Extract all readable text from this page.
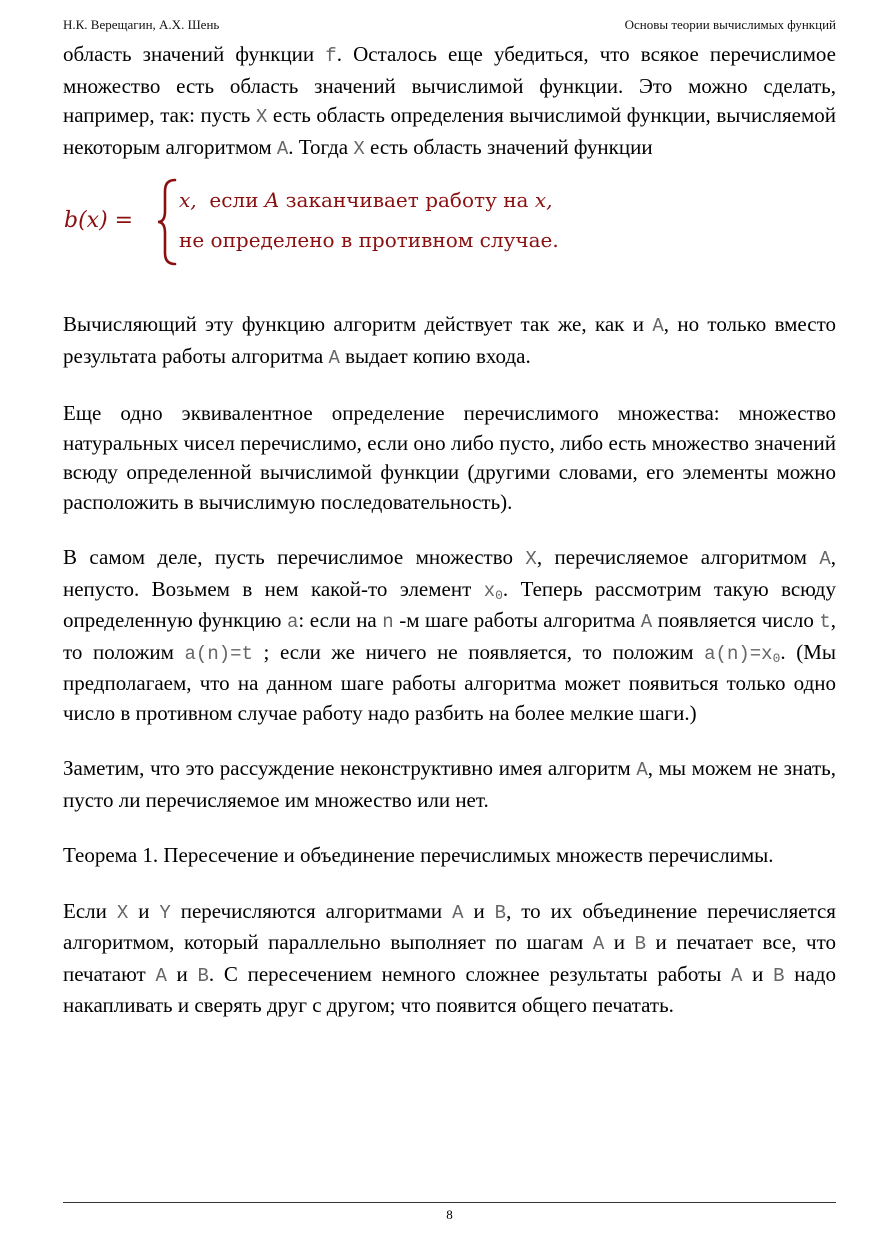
Н.К. Верещагин, А.Х. Шень	Основы теории вычислимых функций

область значений функции f. Осталось еще убедиться, что всякое перечислимое множество есть область значений вычислимой функции. Это можно сделать, например, так: пусть X есть область определения вычислимой функции, вычисляемой некоторым алгоритмом A. Тогда X есть область значений функции

b(x) =
x, если A заканчивает работу на x,
не определено в противном случае.

Вычисляющий эту функцию алгоритм действует так же, как и A, но только вместо результата работы алгоритма A выдает копию входа.

Еще одно эквивалентное определение перечислимого множества: множество натуральных чисел перечислимо, если оно либо пусто, либо есть множество значений всюду определенной вычислимой функции (другими словами, его элементы можно расположить в вычислимую последовательность).

В самом деле, пусть перечислимое множество X, перечисляемое алгоритмом A, непусто. Возьмем в нем какой-то элемент $x_0$. Теперь рассмотрим такую всюду определенную функцию a: если на n -м шаге работы алгоритма A появляется число t, то положим a(n)=t ; если же ничего не появляется, то положим $a(n)=x_0$. (Мы предполагаем, что на данном шаге работы алгоритма может появиться только одно число в противном случае работу надо разбить на более мелкие шаги.)

Заметим, что это рассуждение неконструктивно имея алгоритм A, мы можем не знать, пусто ли перечисляемое им множество или нет.

Теорема 1. Пересечение и объединение перечислимых множеств перечислимы.

Если X и Y перечисляются алгоритмами A и B, то их объединение перечисляется алгоритмом, который параллельно выполняет по шагам A и B и печатает все, что печатают A и B. С пересечением немного сложнее результаты работы A и B надо накапливать и сверять друг с другом; что появится общего печатать.

8
